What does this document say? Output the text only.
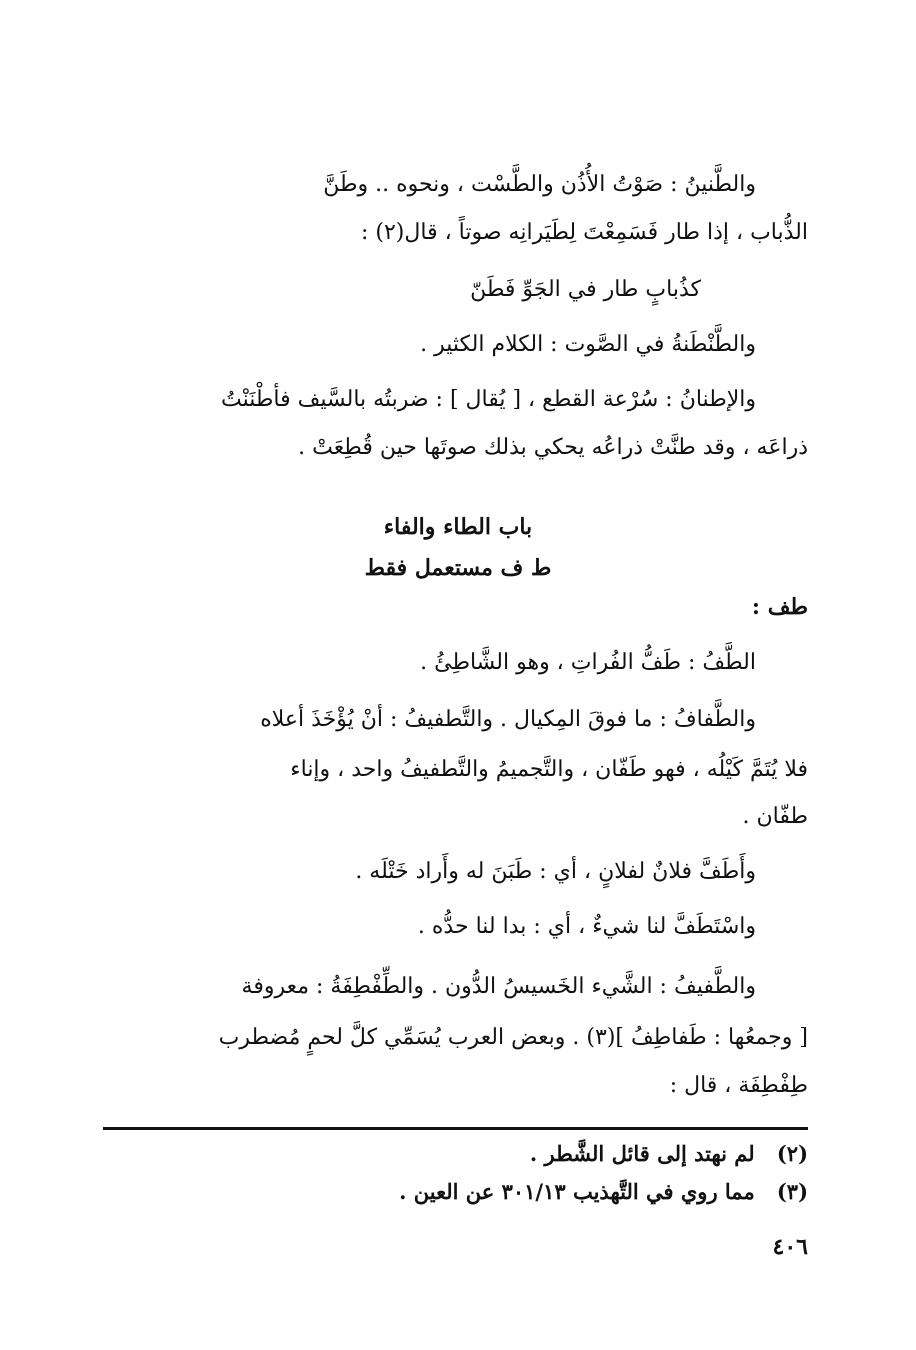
والطَّنينُ : صَوْتُ الأُذُن والطَّسْت ، ونحوه .. وطَنَّ
الذُّباب ، إذا طار فَسَمِعْتَ لِطَيَرانِه صوتاً ، قال(٢) :
كذُبابٍ طار في الجَوِّ فَطَنّ
والطَّنْطَنةُ في الصَّوت : الكلام الكثير .
والإطنانُ : سُرْعة القطع ، [ يُقال ] : ضربتُه بالسَّيف فأطْنَنْتُ
ذراعَه ، وقد طنَّتْ ذراعُه يحكي بذلك صوتَها حين قُطِعَتْ .
باب الطاء والفاء
ط ف مستعمل فقط
طف :
الطَّفُ : طَفُّ الفُراتِ ، وهو الشَّاطِئُ .
والطَّفافُ : ما فوقَ المِكيال . والتَّطفيفُ : أنْ يُؤْخَذَ أعلاه
فلا يُتَمَّ كَيْلُه ، فهو طَفّان ، والتَّجميمُ والتَّطفيفُ واحد ، وإناء
طفّان .
وأَطَفَّ فلانٌ لفلانٍ ، أي : طَبَنَ له وأَراد خَتْلَه .
واسْتَطَفَّ لنا شيءٌ ، أي : بدا لنا حدُّه .
والطَّفيفُ : الشَّيء الخَسيسُ الدُّون . والطِّفْطِفَةُ : معروفة
[ وجمعُها : طَفاطِفُ ](٣) . وبعض العرب يُسَمِّي كلَّ لحمٍ مُضطرب
طِفْطِفَة ، قال :
(٢) لم نهتد إلى قائل الشَّطر .
(٣) مما روي في التَّهذيب ٣٠١/١٣ عن العين .
٤٠٦
